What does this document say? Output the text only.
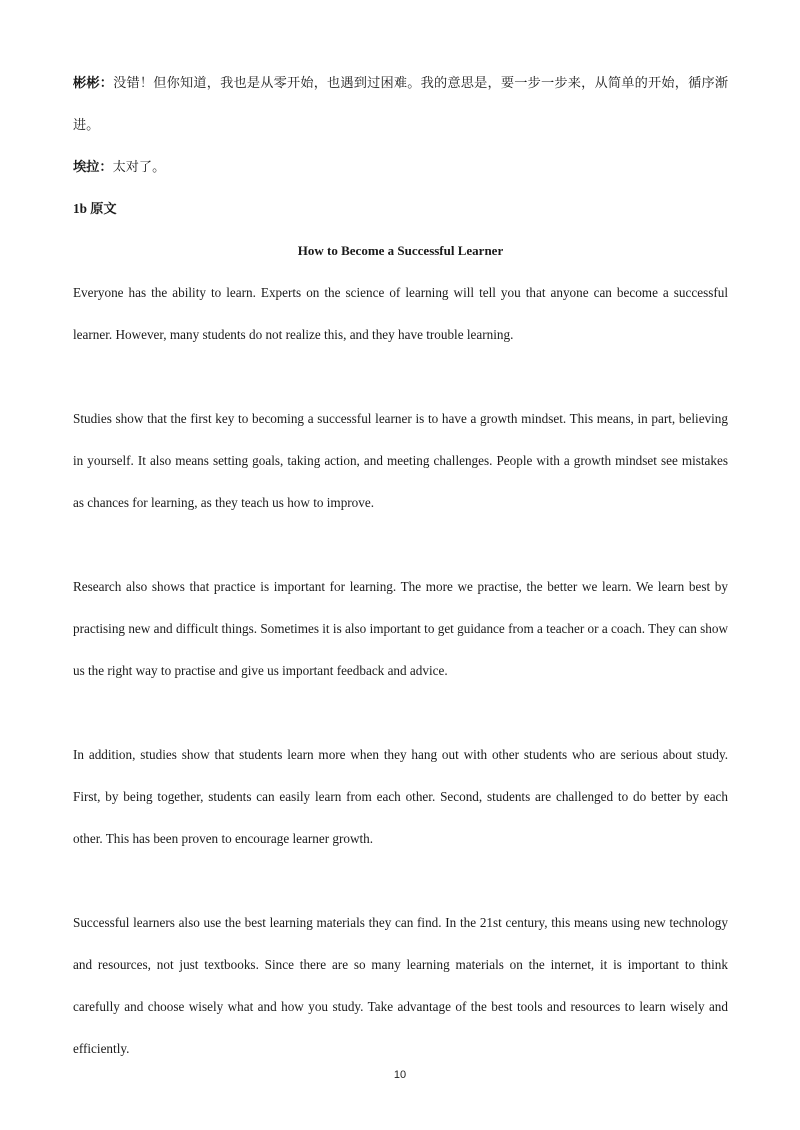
彬彬：没错！但你知道，我也是从零开始，也遇到过困难。我的意思是，要一步一步来，从简单的开始，循序渐进。
埃拉：太对了。
1b 原文
How to Become a Successful Learner
Everyone has the ability to learn. Experts on the science of learning will tell you that anyone can become a successful learner. However, many students do not realize this, and they have trouble learning.
Studies show that the first key to becoming a successful learner is to have a growth mindset. This means, in part, believing in yourself. It also means setting goals, taking action, and meeting challenges. People with a growth mindset see mistakes as chances for learning, as they teach us how to improve.
Research also shows that practice is important for learning. The more we practise, the better we learn. We learn best by practising new and difficult things. Sometimes it is also important to get guidance from a teacher or a coach. They can show us the right way to practise and give us important feedback and advice.
In addition, studies show that students learn more when they hang out with other students who are serious about study. First, by being together, students can easily learn from each other. Second, students are challenged to do better by each other. This has been proven to encourage learner growth.
Successful learners also use the best learning materials they can find. In the 21st century, this means using new technology and resources, not just textbooks. Since there are so many learning materials on the internet, it is important to think carefully and choose wisely what and how you study. Take advantage of the best tools and resources to learn wisely and efficiently.
10
